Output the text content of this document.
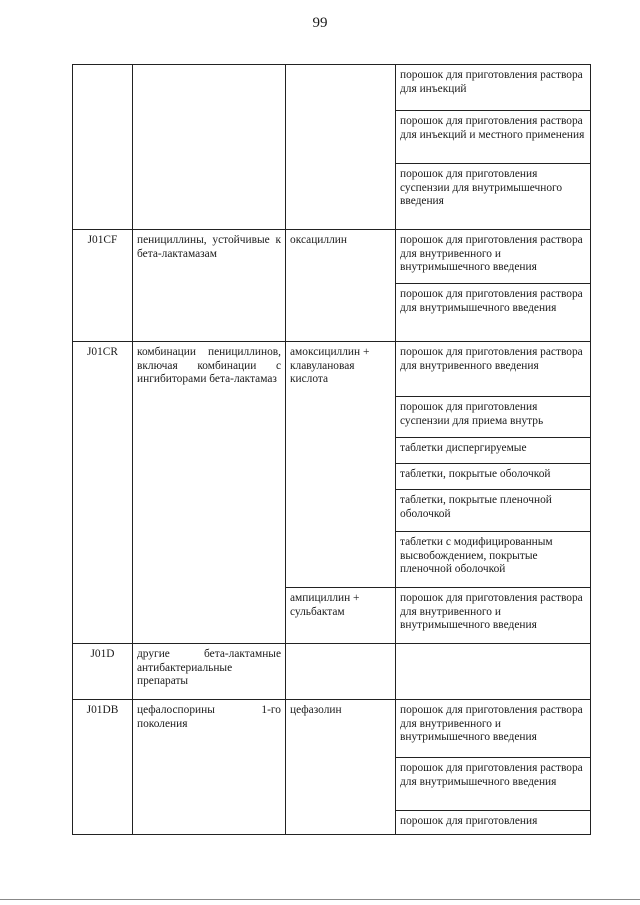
99
			порошок для приготовления раствора для инъекций
			порошок для приготовления раствора для инъекций и местного применения
			порошок для приготовления суспензии для внутримышечного введения
J01CF	пенициллины, устойчивые к бета-лактамазам	оксациллин	порошок для приготовления раствора для внутривенного и внутримышечного введения
			порошок для приготовления раствора для внутримышечного введения
J01CR	комбинации пенициллинов, включая комбинации с ингибиторами бета-лактамаз	амоксициллин + клавулановая кислота	порошок для приготовления раствора для внутривенного введения
			порошок для приготовления суспензии для приема внутрь
			таблетки диспергируемые
			таблетки, покрытые оболочкой
			таблетки, покрытые пленочной оболочкой
			таблетки с модифицированным высвобождением, покрытые пленочной оболочкой
		ампициллин + сульбактам	порошок для приготовления раствора для внутривенного и внутримышечного введения
J01D	другие бета-лактамные антибактериальные препараты		
J01DB	цефалоспорины 1-го поколения	цефазолин	порошок для приготовления раствора для внутривенного и внутримышечного введения
			порошок для приготовления раствора для внутримышечного введения
			порошок для приготовления
